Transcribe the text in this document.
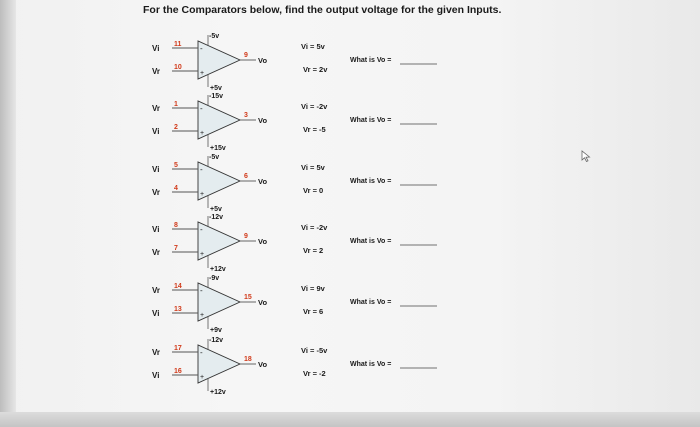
For the Comparators below, find the output voltage for the given Inputs.
-
+
-5v
+5v
Vi 11
Vr 10
9
Vo
Vi = 5v
Vr = 2v
What is Vo =
-
+
-15v
+15v
Vr 1
Vi 2
3
Vo
Vi = -2v
Vr = -5
What is Vo =
-
+
-5v
+5v
Vi 5
Vr 4
6
Vo
Vi = 5v
Vr = 0
What is Vo =
-
+
-12v
+12v
Vi 8
Vr 7
9
Vo
Vi = -2v
Vr = 2
What is Vo =
-
+
-9v
+9v
Vr 14
Vi 13
15
Vo
Vi = 9v
Vr = 6
What is Vo =
-
+
-12v
+12v
Vr 17
Vi 16
18
Vo
Vi = -5v
Vr = -2
What is Vo =
